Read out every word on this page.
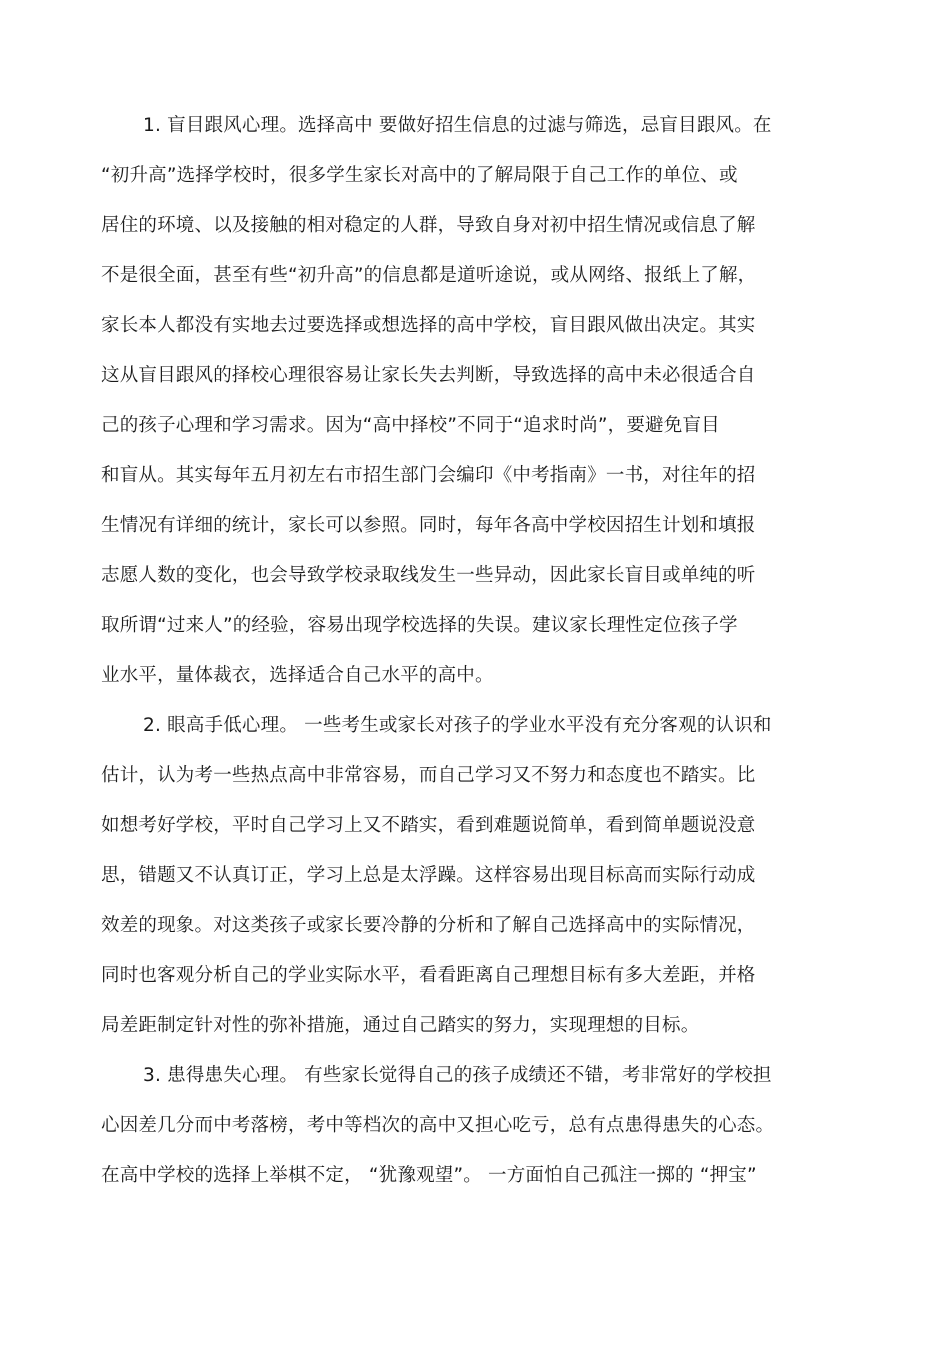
1. 盲目跟风心理。选择高中 要做好招生信息的过滤与筛选，忌盲目跟风。在
“初升高”选择学校时，很多学生家长对高中的了解局限于自己工作的单位、或
居住的环境、以及接触的相对稳定的人群，导致自身对初中招生情况或信息了解
不是很全面，甚至有些“初升高”的信息都是道听途说，或从网络、报纸上了解，
家长本人都没有实地去过要选择或想选择的高中学校，盲目跟风做出决定。其实
这从盲目跟风的择校心理很容易让家长失去判断，导致选择的高中未必很适合自
己的孩子心理和学习需求。因为“高中择校”不同于“追求时尚”，要避免盲目
和盲从。其实每年五月初左右市招生部门会编印《中考指南》一书，对往年的招
生情况有详细的统计，家长可以参照。同时，每年各高中学校因招生计划和填报
志愿人数的变化，也会导致学校录取线发生一些异动，因此家长盲目或单纯的听
取所谓“过来人”的经验，容易出现学校选择的失误。建议家长理性定位孩子学
业水平，量体裁衣，选择适合自己水平的高中。
2. 眼高手低心理。 一些考生或家长对孩子的学业水平没有充分客观的认识和
估计，认为考一些热点高中非常容易，而自己学习又不努力和态度也不踏实。比
如想考好学校，平时自己学习上又不踏实，看到难题说简单，看到简单题说没意
思，错题又不认真订正，学习上总是太浮躁。这样容易出现目标高而实际行动成
效差的现象。对这类孩子或家长要冷静的分析和了解自己选择高中的实际情况，
同时也客观分析自己的学业实际水平，看看距离自己理想目标有多大差距，并格
局差距制定针对性的弥补措施，通过自己踏实的努力，实现理想的目标。
3. 患得患失心理。 有些家长觉得自己的孩子成绩还不错，考非常好的学校担
心因差几分而中考落榜，考中等档次的高中又担心吃亏，总有点患得患失的心态。
在高中学校的选择上举棋不定， “犹豫观望”。 一方面怕自己孤注一掷的 “押宝”
